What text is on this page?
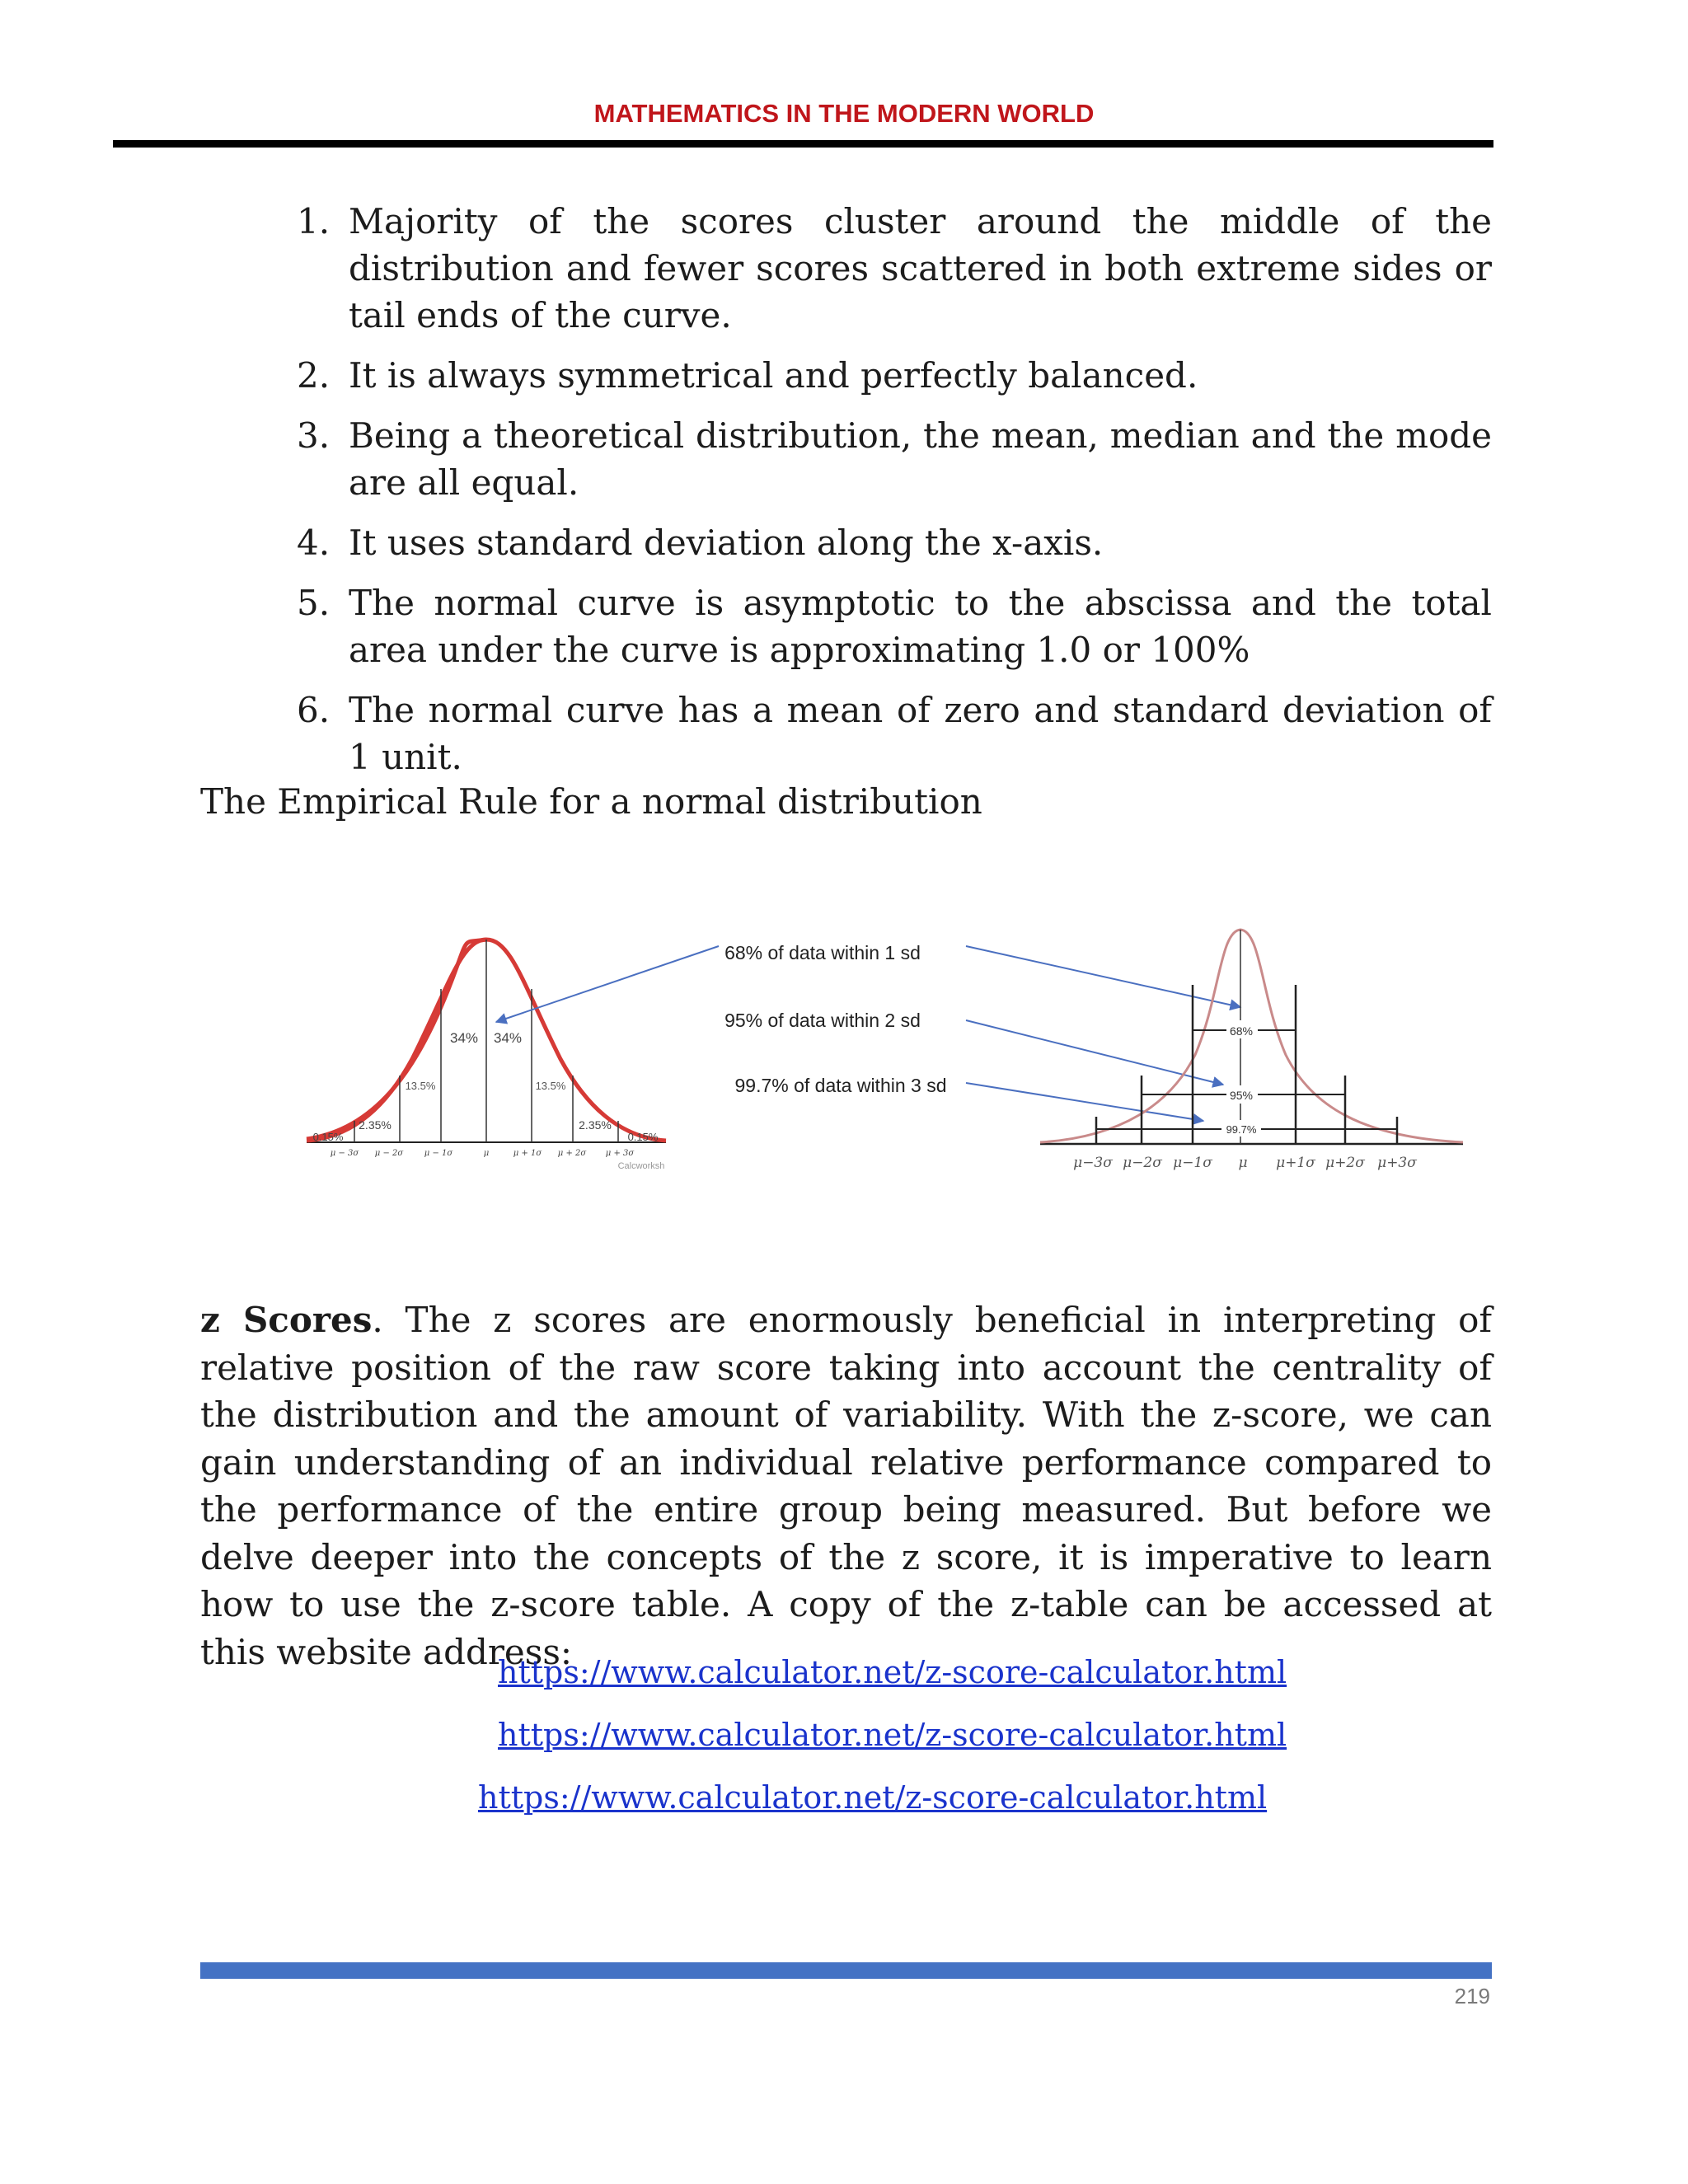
MATHEMATICS IN THE MODERN WORLD
1. Majority of the scores cluster around the middle of the distribution and fewer scores scattered in both extreme sides or tail ends of the curve.
2. It is always symmetrical and perfectly balanced.
3. Being a theoretical distribution, the mean, median and the mode are all equal.
4. It uses standard deviation along the x-axis.
5. The normal curve is asymptotic to the abscissa and the total area under the curve is approximating 1.0 or 100%
6. The normal curve has a mean of zero and standard deviation of 1 unit.
The Empirical Rule for a normal distribution
34% 34%
13.5%	13.5%
2.35%	2.35%
0.15%	0.15%
μ − 3σ μ − 2σ	μ − 1σ	μ	μ + 1σ μ + 2σ μ + 3σ
Calcworksh
68% of data within 1 sd
95% of data within 2 sd
99.7% of data within 3 sd
68%
95%
99.7%
μ−3σ μ−2σ μ−1σ μ μ+1σ μ+2σ μ+3σ

z Scores. The z scores are enormously beneficial in interpreting of relative position of the raw score taking into account the centrality of the distribution and the amount of variability. With the z-score, we can gain understanding of an individual relative performance compared to the performance of the entire group being measured. But before we delve deeper into the concepts of the z score, it is imperative to learn how to use the z-score table. A copy of the z-table can be accessed at this website address:

https://www.calculator.net/z-score-calculator.html
https://www.calculator.net/z-score-calculator.html
https://www.calculator.net/z-score-calculator.html
219
